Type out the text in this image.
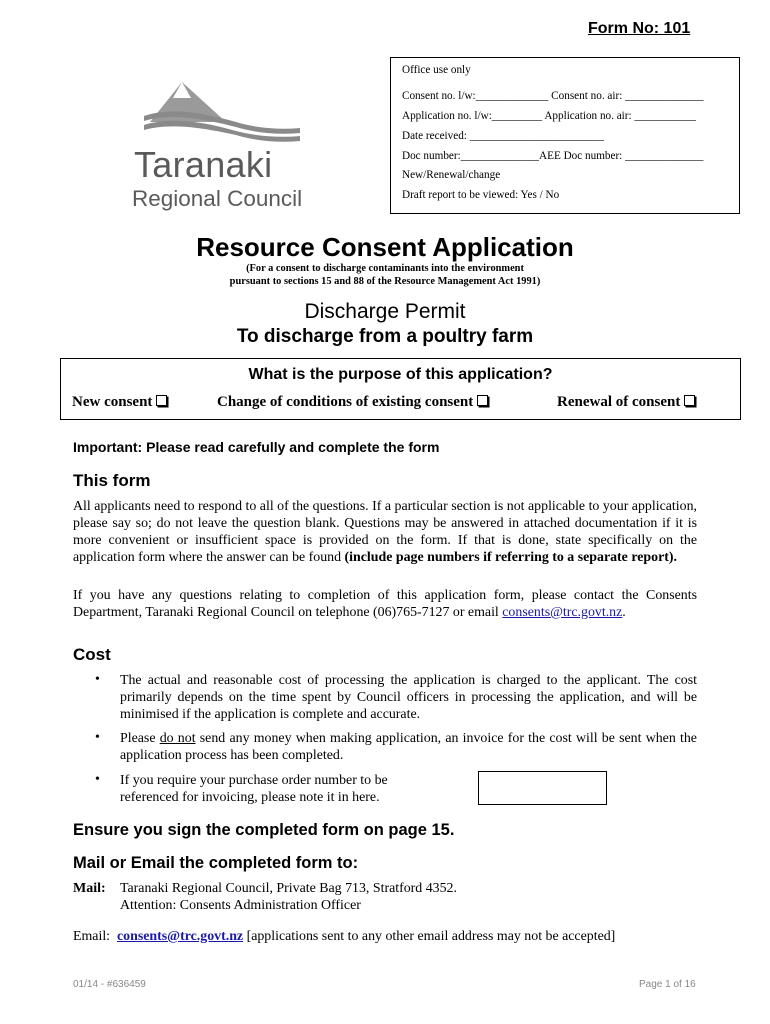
Form No: 101
Office use only
Consent no. l/w:_____________ Consent no. air: ______________
Application no. l/w:_________ Application no. air: ___________
Date received: ________________________
Doc number:______________AEE Doc number: ______________
New/Renewal/change
Draft report to be viewed: Yes / No
Taranaki
Regional Council
Resource Consent Application
(For a consent to discharge contaminants into the environment
pursuant to sections 15 and 88 of the Resource Management Act 1991)
Discharge Permit
To discharge from a poultry farm
What is the purpose of this application?
New consent	Change of conditions of existing consent	Renewal of consent
Important: Please read carefully and complete the form
This form
All applicants need to respond to all of the questions. If a particular section is not applicable to your application, please say so; do not leave the question blank. Questions may be answered in attached documentation if it is more convenient or insufficient space is provided on the form. If that is done, state specifically on the application form where the answer can be found (include page numbers if referring to a separate report).
If you have any questions relating to completion of this application form, please contact the Consents Department, Taranaki Regional Council on telephone (06)765-7127 or email consents@trc.govt.nz.
Cost
• The actual and reasonable cost of processing the application is charged to the applicant. The cost primarily depends on the time spent by Council officers in processing the application, and will be minimised if the application is complete and accurate.
• Please do not send any money when making application, an invoice for the cost will be sent when the application process has been completed.
• If you require your purchase order number to be
referenced for invoicing, please note it in here.
Ensure you sign the completed form on page 15.
Mail or Email the completed form to:
Mail: Taranaki Regional Council, Private Bag 713, Stratford 4352.
Attention: Consents Administration Officer
Email: consents@trc.govt.nz [applications sent to any other email address may not be accepted]
01/14 - #636459	Page 1 of 16
